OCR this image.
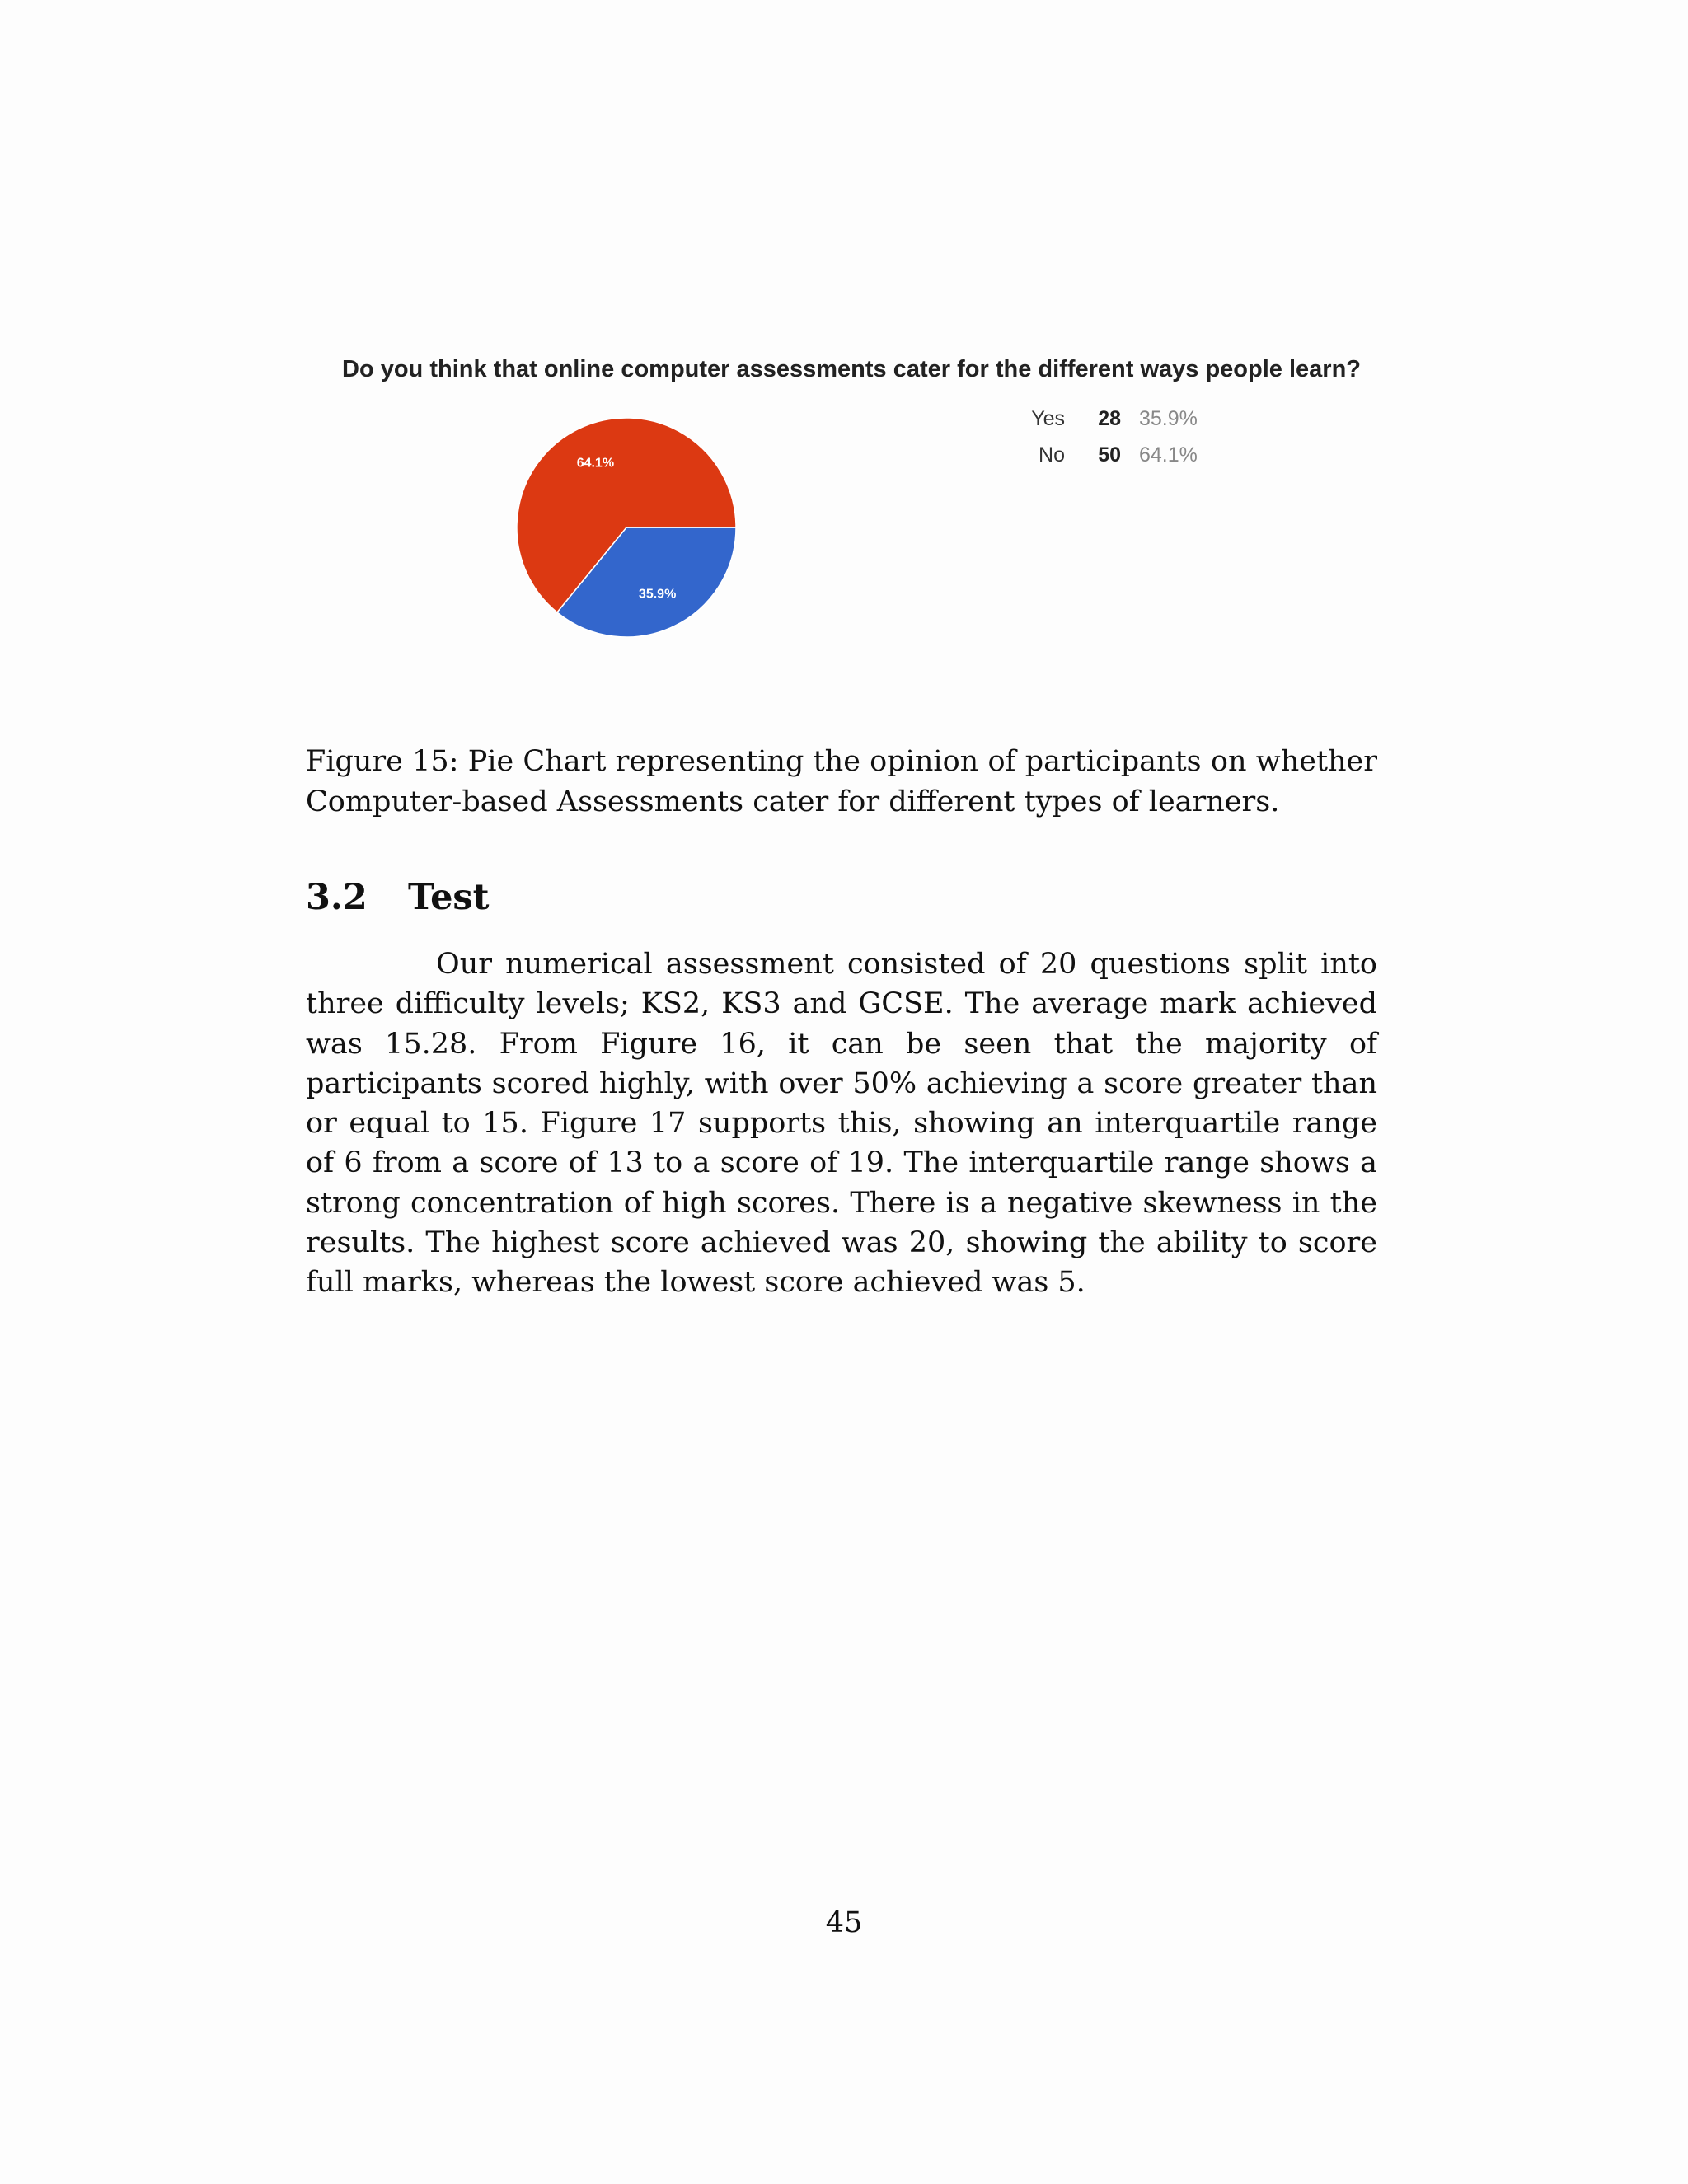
Do you think that online computer assessments cater for the different ways people learn?
35.9%
64.1%
Yes	28 35.9%
No	50 64.1%
Figure 15: Pie Chart representing the opinion of participants on whether Computer-based Assessments cater for different types of learners.
3.2 Test

Our numerical assessment consisted of 20 questions split into three difficulty levels; KS2, KS3 and GCSE. The average mark achieved was 15.28. From Figure 16, it can be seen that the majority of participants scored highly, with over 50% achieving a score greater than or equal to 15. Figure 17 supports this, showing an interquartile range of 6 from a score of 13 to a score of 19. The interquartile range shows a strong concentration of high scores. There is a negative skewness in the results. The highest score achieved was 20, showing the ability to score full marks, whereas the lowest score achieved was 5.

45
